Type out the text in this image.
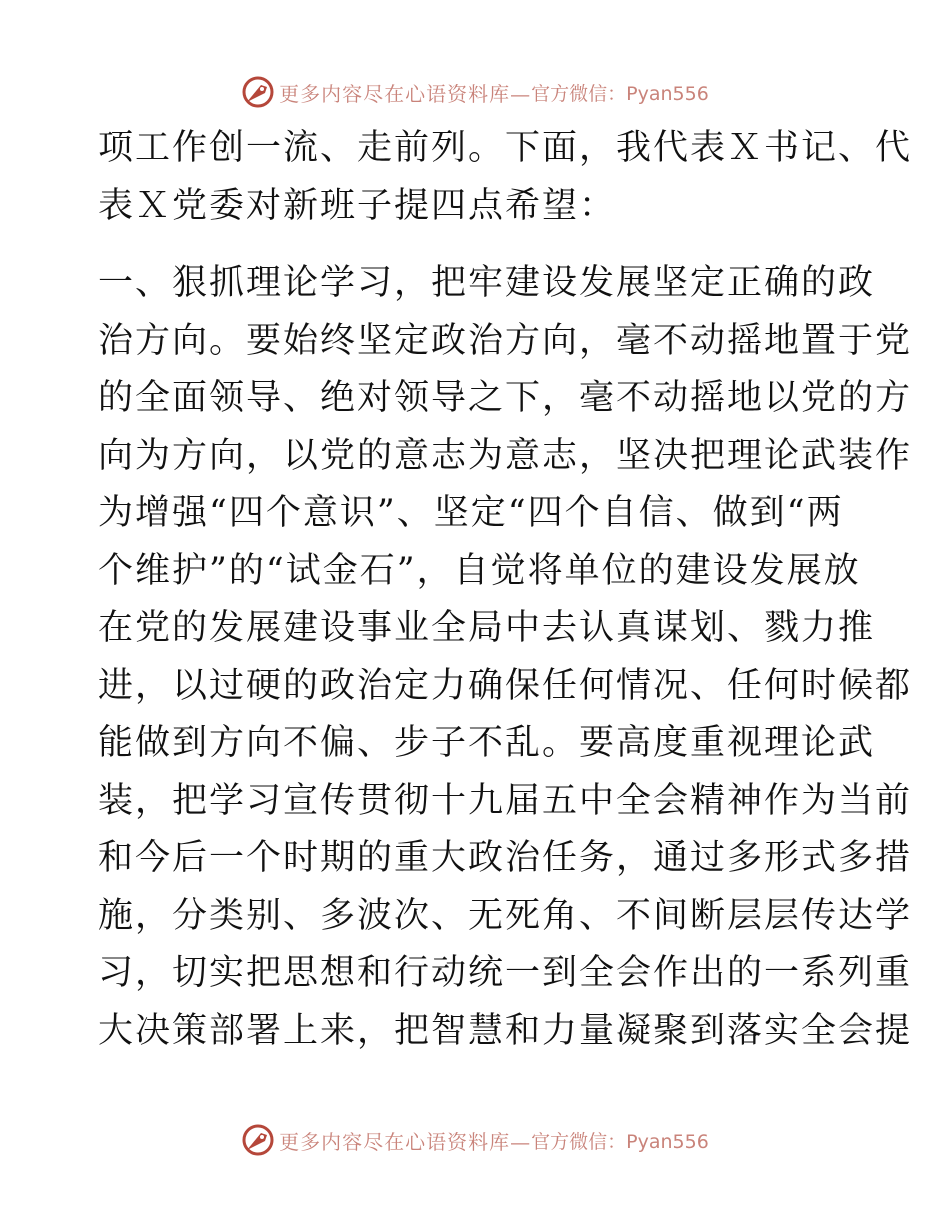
更多内容尽在心语资料库— 官方微信：Pyan556
项工作创一流、走前列。下面，我代表Ｘ书记、代
表Ｘ党委对新班子提四点希望：
一、狠抓理论学习，把牢建设发展坚定正确的政
治方向。要始终坚定政治方向，毫不动摇地置于党
的全面领导、绝对领导之下，毫不动摇地以党的方
向为方向，以党的意志为意志，坚决把理论武装作
为增强“四个意识”、坚定“四个自信、做到“两
个维护”的“试金石”，自觉将单位的建设发展放
在党的发展建设事业全局中去认真谋划、戮力推
进，以过硬的政治定力确保任何情况、任何时候都
能做到方向不偏、步子不乱。要高度重视理论武
装，把学习宣传贯彻十九届五中全会精神作为当前
和今后一个时期的重大政治任务，通过多形式多措
施，分类别、多波次、无死角、不间断层层传达学
习，切实把思想和行动统一到全会作出的一系列重
大决策部署上来，把智慧和力量凝聚到落实全会提
更多内容尽在心语资料库— 官方微信：Pyan556
